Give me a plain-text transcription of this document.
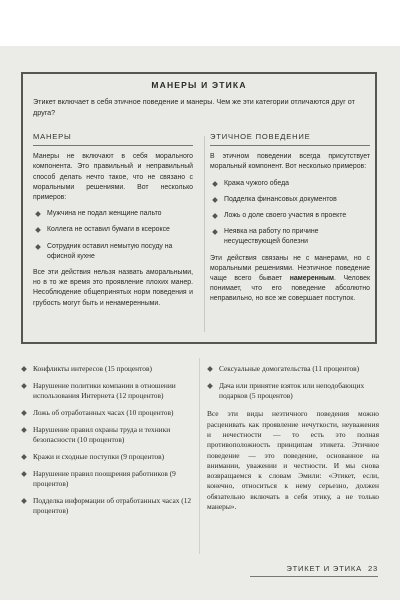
МАНЕРЫ И ЭТИКА
Этикет включает в себя этичное поведение и манеры. Чем же эти категории отличаются друг от друга?
МАНЕРЫ

Манеры не включают в себя морального компонента. Это правильный и неправильный способ делать нечто такое, что не связано с моральными решениями. Вот несколько примеров:

Мужчина не подал женщине пальто
Коллега не оставил бумаги в ксероксе
Сотрудник оставил немытую посуду на офисной кухне

Все эти действия нельзя назвать аморальными, но в то же время это проявление плохих манер. Несоблюдение общепринятых норм поведения и грубость могут быть и ненамеренными.

ЭТИЧНОЕ ПОВЕДЕНИЕ

В этичном поведении всегда присутствует моральный компонент. Вот несколько примеров:

Кража чужого обеда
Подделка финансовых документов
Ложь о доле своего участия в проекте
Неявка на работу по причине несуществующей болезни

Эти действия связаны не с манерами, но с моральными решениями. Неэтичное поведение чаще всего бывает намеренным. Человек понимает, что его поведение абсолютно неправильно, но все же совершает поступок.

Конфликты интересов (15 процентов)
Нарушение политики компании в отношении использования Интернета (12 процентов)
Ложь об отработанных часах (10 процентов)
Нарушение правил охраны труда и техники безопасности (10 процентов)
Кражи и сходные поступки (9 процентов)
Нарушение правил поощрения работников (9 процентов)
Подделка информации об отработанных часах (12 процентов)
Сексуальные домогательства (11 процентов)
Дача или принятие взяток или неподобающих подарков (5 процентов)

Все эти виды неэтичного поведения можно расценивать как проявление нечуткости, неуважения и нечестности — то есть это полная противоположность принципам этикета. Этичное поведение — это поведение, основанное на внимании, уважении и честности. И мы снова возвращаемся к словам Эмили: «Этикет, если, конечно, относиться к нему серьезно, должен обязательно включать в себя этику, а не только манеры».

ЭТИКЕТ И ЭТИКА 23
